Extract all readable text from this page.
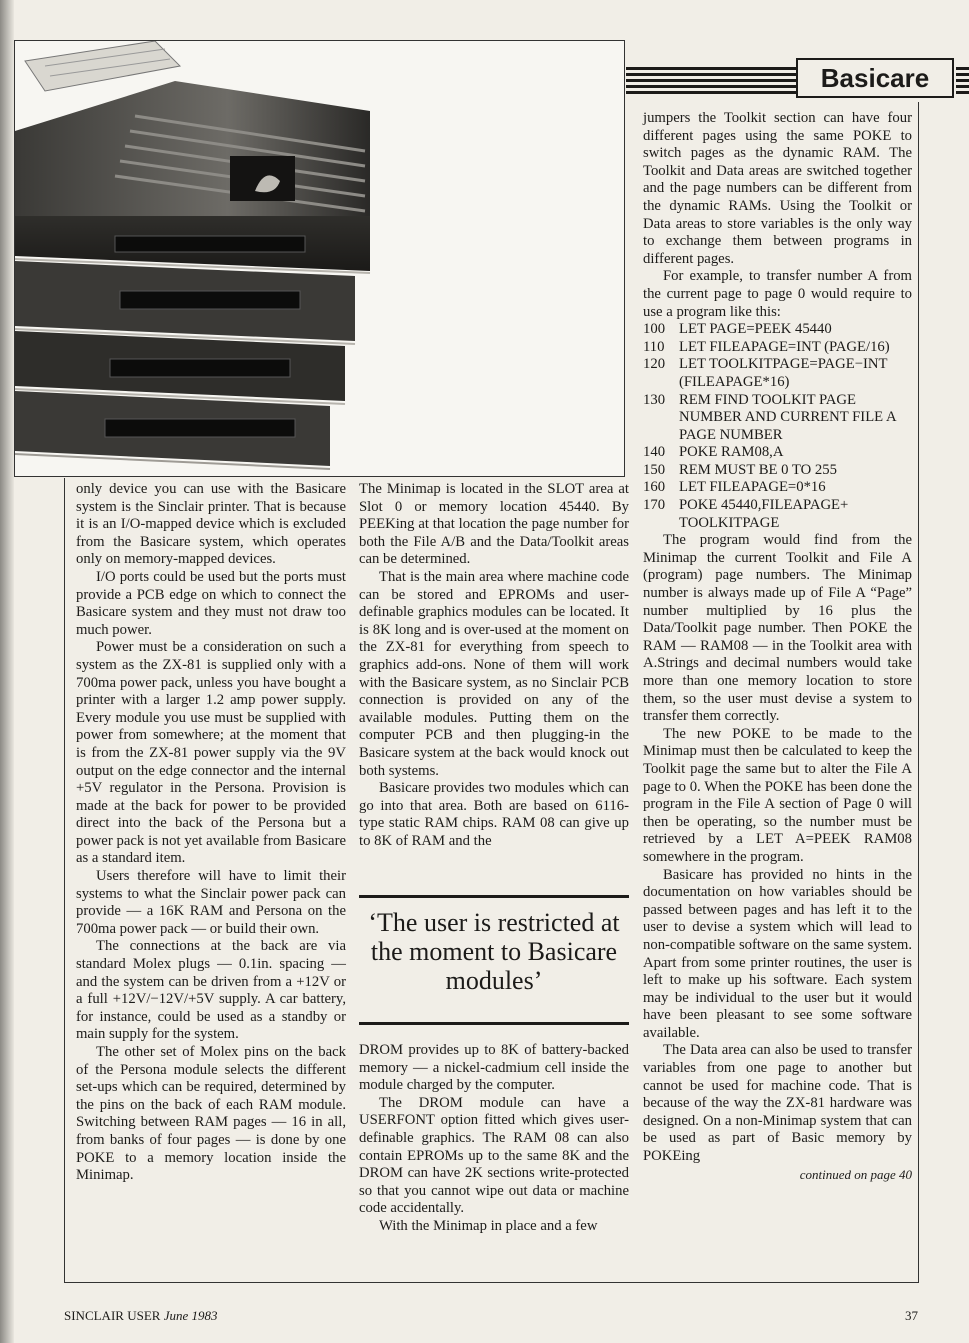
Basicare

only device you can use with the Basicare system is the Sinclair printer. That is because it is an I/O-mapped device which is excluded from the Basicare system, which operates only on memory-mapped devices.

I/O ports could be used but the ports must provide a PCB edge on which to connect the Basicare system and they must not draw too much power.

Power must be a consideration on such a system as the ZX-81 is supplied only with a 700ma power pack, unless you have bought a printer with a larger 1.2 amp power supply. Every module you use must be supplied with power from somewhere; at the moment that is from the ZX-81 power supply via the 9V output on the edge connector and the internal +5V regulator in the Persona. Provision is made at the back for power to be provided direct into the back of the Persona but a power pack is not yet available from Basicare as a standard item.

Users therefore will have to limit their systems to what the Sinclair power pack can provide — a 16K RAM and Persona on the 700ma power pack — or build their own.

The connections at the back are via standard Molex plugs — 0.1in. spacing — and the system can be driven from a +12V or a full +12V/−12V/+5V supply. A car battery, for instance, could be used as a standby or main supply for the system.

The other set of Molex pins on the back of the Persona module selects the different set-ups which can be required, determined by the pins on the back of each RAM module. Switching between RAM pages — 16 in all, from banks of four pages — is done by one POKE to a memory location inside the Minimap.

The Minimap is located in the SLOT area at Slot 0 or memory location 45440. By PEEKing at that location the page number for both the File A/B and the Data/Toolkit areas can be determined.

That is the main area where machine code can be stored and EPROMs and user-definable graphics modules can be located. It is 8K long and is over-used at the moment on the ZX-81 for everything from speech to graphics add-ons. None of them will work with the Basicare system, as no Sinclair PCB connection is provided on any of the available modules. Putting them on the computer PCB and then plugging-in the Basicare system at the back would knock out both systems.

Basicare provides two modules which can go into that area. Both are based on 6116-type static RAM chips. RAM 08 can give up to 8K of RAM and the

‘The user is restricted at the moment to Basicare modules’

DROM provides up to 8K of battery-backed memory — a nickel-cadmium cell inside the module charged by the computer.

The DROM module can have a USERFONT option fitted which gives user-definable graphics. The RAM 08 can also contain EPROMs up to the same 8K and the DROM can have 2K sections write-protected so that you cannot wipe out data or machine code accidentally.

With the Minimap in place and a few

jumpers the Toolkit section can have four different pages using the same POKE to switch pages as the dynamic RAM. The Toolkit and Data areas are switched together and the page numbers can be different from the dynamic RAMs. Using the Toolkit or Data areas to store variables is the only way to exchange them between programs in different pages.

For example, to transfer number A from the current page to page 0 would require to use a program like this:

100 LET PAGE=PEEK 45440
110 LET FILEAPAGE=INT (PAGE/16)
120 LET TOOLKITPAGE=PAGE−INT (FILEAPAGE*16)
130 REM FIND TOOLKIT PAGE NUMBER AND CURRENT FILE A PAGE NUMBER
140 POKE RAM08,A
150 REM MUST BE 0 TO 255
160 LET FILEAPAGE=0*16
170 POKE 45440,FILEAPAGE+ TOOLKITPAGE

The program would find from the Minimap the current Toolkit and File A (program) page numbers. The Minimap number is always made up of File A “Page” number multiplied by 16 plus the Data/Toolkit page number. Then POKE the RAM — RAM08 — in the Toolkit area with A.Strings and decimal numbers would take more than one memory location to store them, so the user must devise a system to transfer them correctly.

The new POKE to be made to the Minimap must then be calculated to keep the Toolkit page the same but to alter the File A page to 0. When the POKE has been done the program in the File A section of Page 0 will then be operating, so the number must be retrieved by a LET A=PEEK RAM08 somewhere in the program.

Basicare has provided no hints in the documentation on how variables should be passed between pages and has left it to the user to devise a system which will lead to non-compatible software on the same system. Apart from some printer routines, the user is left to make up his software. Each system may be individual to the user but it would have been pleasant to see some software available.

The Data area can also be used to transfer variables from one page to another but cannot be used for machine code. That is because of the way the ZX-81 hardware was designed. On a non-Minimap system that can be used as part of Basic memory by POKEing

continued on page 40
SINCLAIR USER June 1983	37
